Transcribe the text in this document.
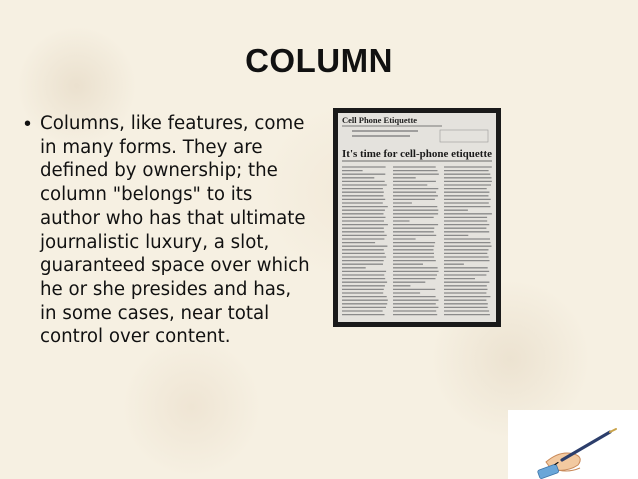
COLUMN
• Columns, like features, come in many forms. They are defined by ownership; the column "belongs" to its author who has that ultimate journalistic luxury, a slot, guaranteed space over which he or she presides and has, in some cases, near total control over content.

Cell Phone Etiquette
It's time for cell-phone etiquette
